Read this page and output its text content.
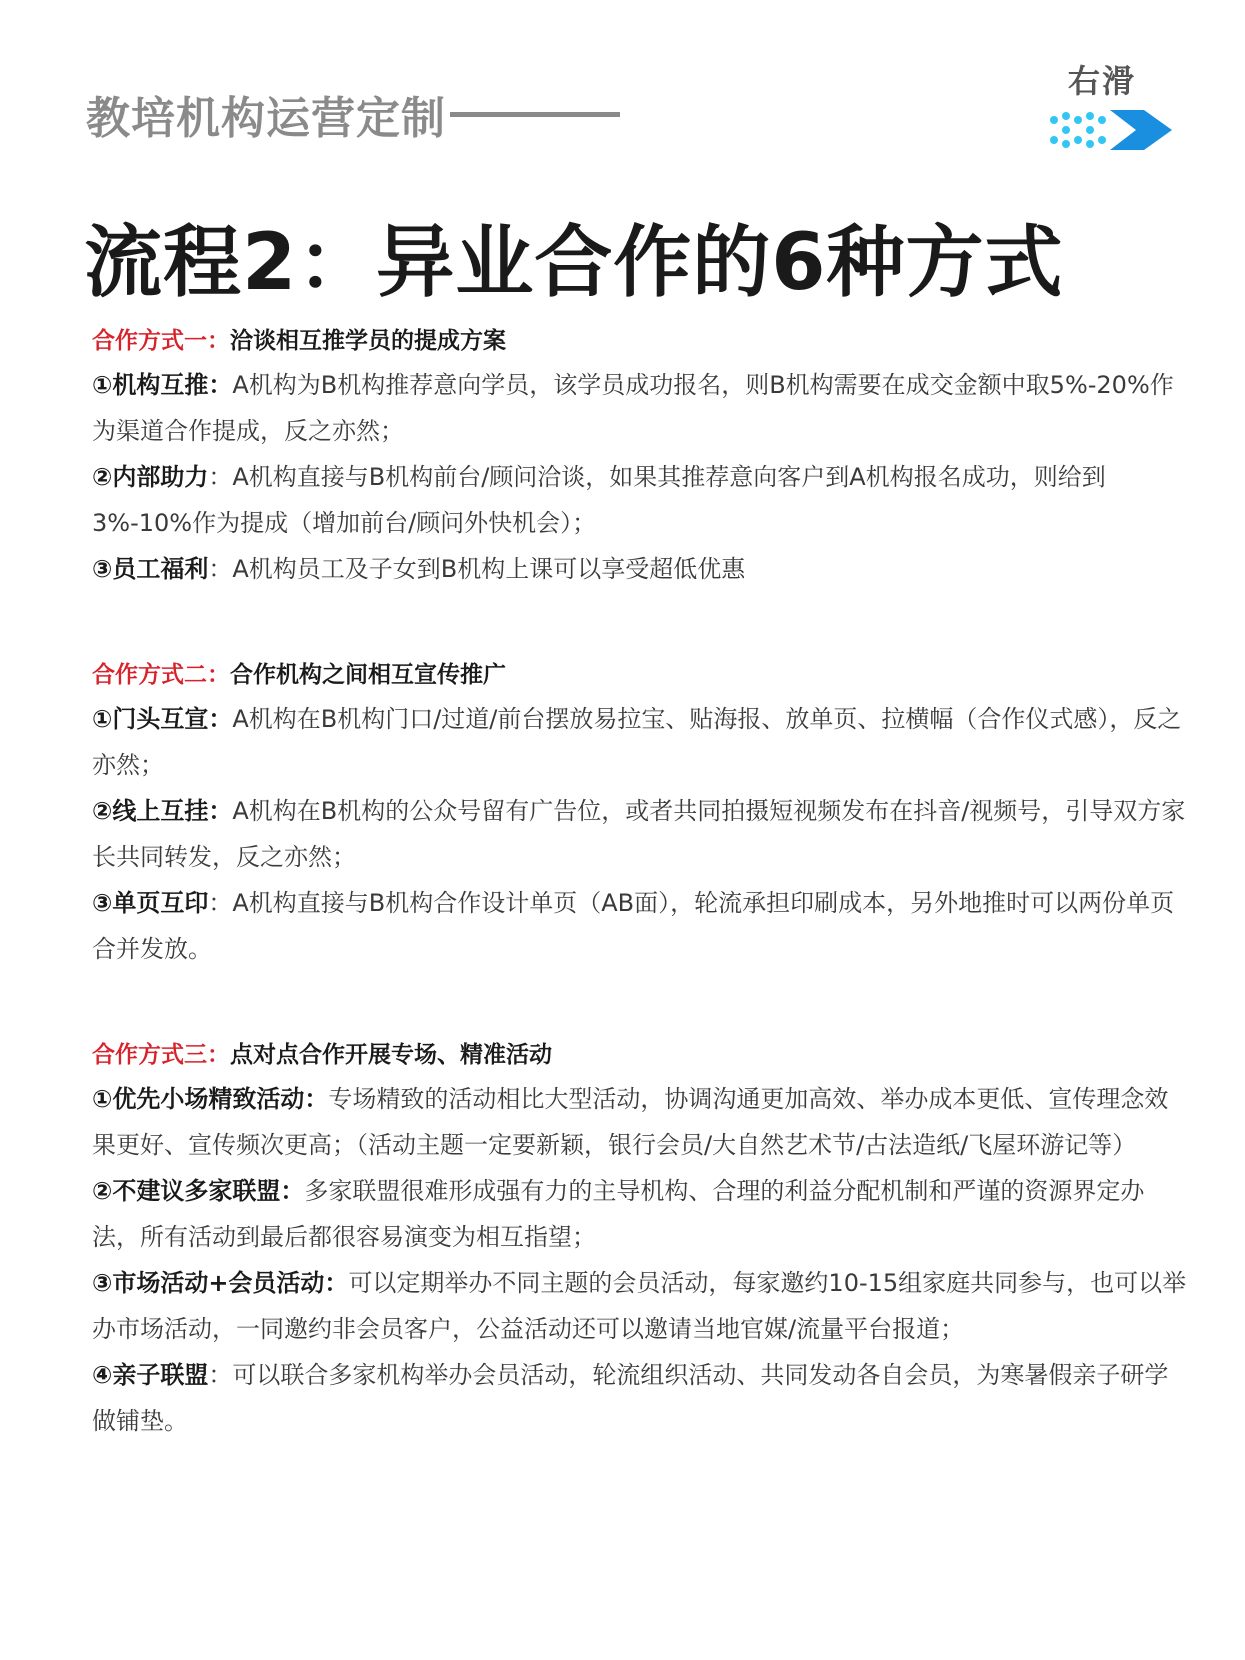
教培机构运营定制
右滑
流程2：异业合作的6种方式
合作方式一：洽谈相互推学员的提成方案

①机构互推：A机构为B机构推荐意向学员，该学员成功报名，则B机构需要在成交金额中取5%-20%作为渠道合作提成，反之亦然；

②内部助力：A机构直接与B机构前台/顾问洽谈，如果其推荐意向客户到A机构报名成功，则给到3%-10%作为提成（增加前台/顾问外快机会）；

③员工福利：A机构员工及子女到B机构上课可以享受超低优惠

合作方式二：合作机构之间相互宣传推广

①门头互宣：A机构在B机构门口/过道/前台摆放易拉宝、贴海报、放单页、拉横幅（合作仪式感），反之亦然；

②线上互挂：A机构在B机构的公众号留有广告位，或者共同拍摄短视频发布在抖音/视频号，引导双方家长共同转发，反之亦然；

③单页互印：A机构直接与B机构合作设计单页（AB面），轮流承担印刷成本，另外地推时可以两份单页合并发放。

合作方式三：点对点合作开展专场、精准活动

①优先小场精致活动：专场精致的活动相比大型活动，协调沟通更加高效、举办成本更低、宣传理念效果更好、宣传频次更高；（活动主题一定要新颖，银行会员/大自然艺术节/古法造纸/飞屋环游记等）

②不建议多家联盟：多家联盟很难形成强有力的主导机构、合理的利益分配机制和严谨的资源界定办法，所有活动到最后都很容易演变为相互指望；

③市场活动+会员活动：可以定期举办不同主题的会员活动，每家邀约10-15组家庭共同参与，也可以举办市场活动，一同邀约非会员客户，公益活动还可以邀请当地官媒/流量平台报道；

④亲子联盟：可以联合多家机构举办会员活动，轮流组织活动、共同发动各自会员，为寒暑假亲子研学做铺垫。
